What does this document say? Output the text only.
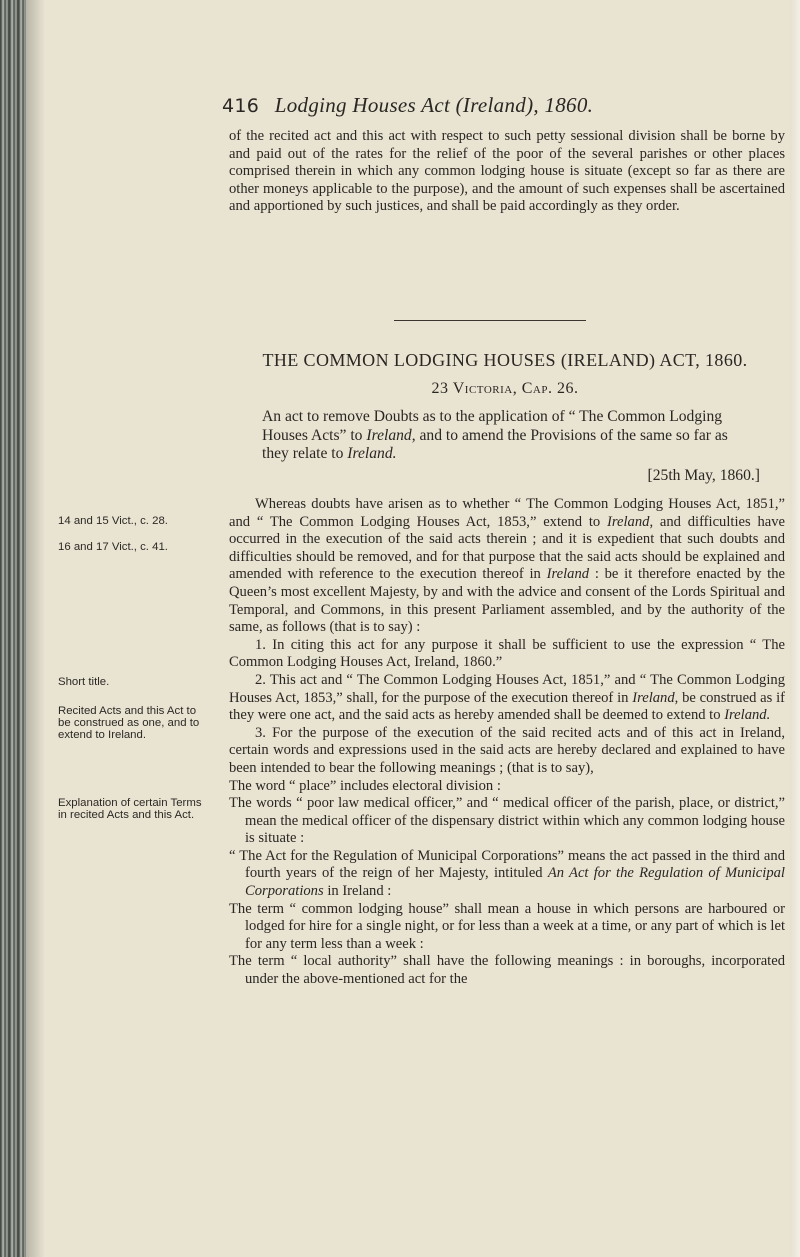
416 Lodging Houses Act (Ireland), 1860.

of the recited act and this act with respect to such petty sessional division shall be borne by and paid out of the rates for the relief of the poor of the several parishes or other places comprised therein in which any common lodging house is situate (except so far as there are other moneys applicable to the purpose), and the amount of such expenses shall be ascertained and apportioned by such justices, and shall be paid accordingly as they order.

THE COMMON LODGING HOUSES (IRELAND) ACT, 1860.
23 Victoria, Cap. 26.
An act to remove Doubts as to the application of “ The Common Lodging Houses Acts” to Ireland, and to amend the Provisions of the same so far as they relate to Ireland.
[25th May, 1860.]
14 and 15 Vict., c. 28.
16 and 17 Vict., c. 41.
Short title.
Recited Acts and this Act to be construed as one, and to extend to Ireland.
Explanation of certain Terms in recited Acts and this Act.

Whereas doubts have arisen as to whether “ The Common Lodging Houses Act, 1851,” and “ The Common Lodging Houses Act, 1853,” extend to Ireland, and difficulties have occurred in the execution of the said acts therein ; and it is expedient that such doubts and difficulties should be removed, and for that purpose that the said acts should be explained and amended with reference to the execution thereof in Ireland : be it therefore enacted by the Queen’s most excellent Majesty, by and with the advice and consent of the Lords Spiritual and Temporal, and Commons, in this present Parliament assembled, and by the authority of the same, as follows (that is to say) :

1. In citing this act for any purpose it shall be sufficient to use the expression “ The Common Lodging Houses Act, Ireland, 1860.”

2. This act and “ The Common Lodging Houses Act, 1851,” and “ The Common Lodging Houses Act, 1853,” shall, for the purpose of the execution thereof in Ireland, be construed as if they were one act, and the said acts as hereby amended shall be deemed to extend to Ireland.

3. For the purpose of the execution of the said recited acts and of this act in Ireland, certain words and expressions used in the said acts are hereby declared and explained to have been intended to bear the following meanings ; (that is to say),

The word “ place” includes electoral division :

The words “ poor law medical officer,” and “ medical officer of the parish, place, or district,” mean the medical officer of the dispensary district within which any common lodging house is situate :

“ The Act for the Regulation of Municipal Corporations” means the act passed in the third and fourth years of the reign of her Majesty, intituled An Act for the Regulation of Municipal Corporations in Ireland :

The term “ common lodging house” shall mean a house in which persons are harboured or lodged for hire for a single night, or for less than a week at a time, or any part of which is let for any term less than a week :

The term “ local authority” shall have the following meanings : in boroughs, incorporated under the above-mentioned act for the
